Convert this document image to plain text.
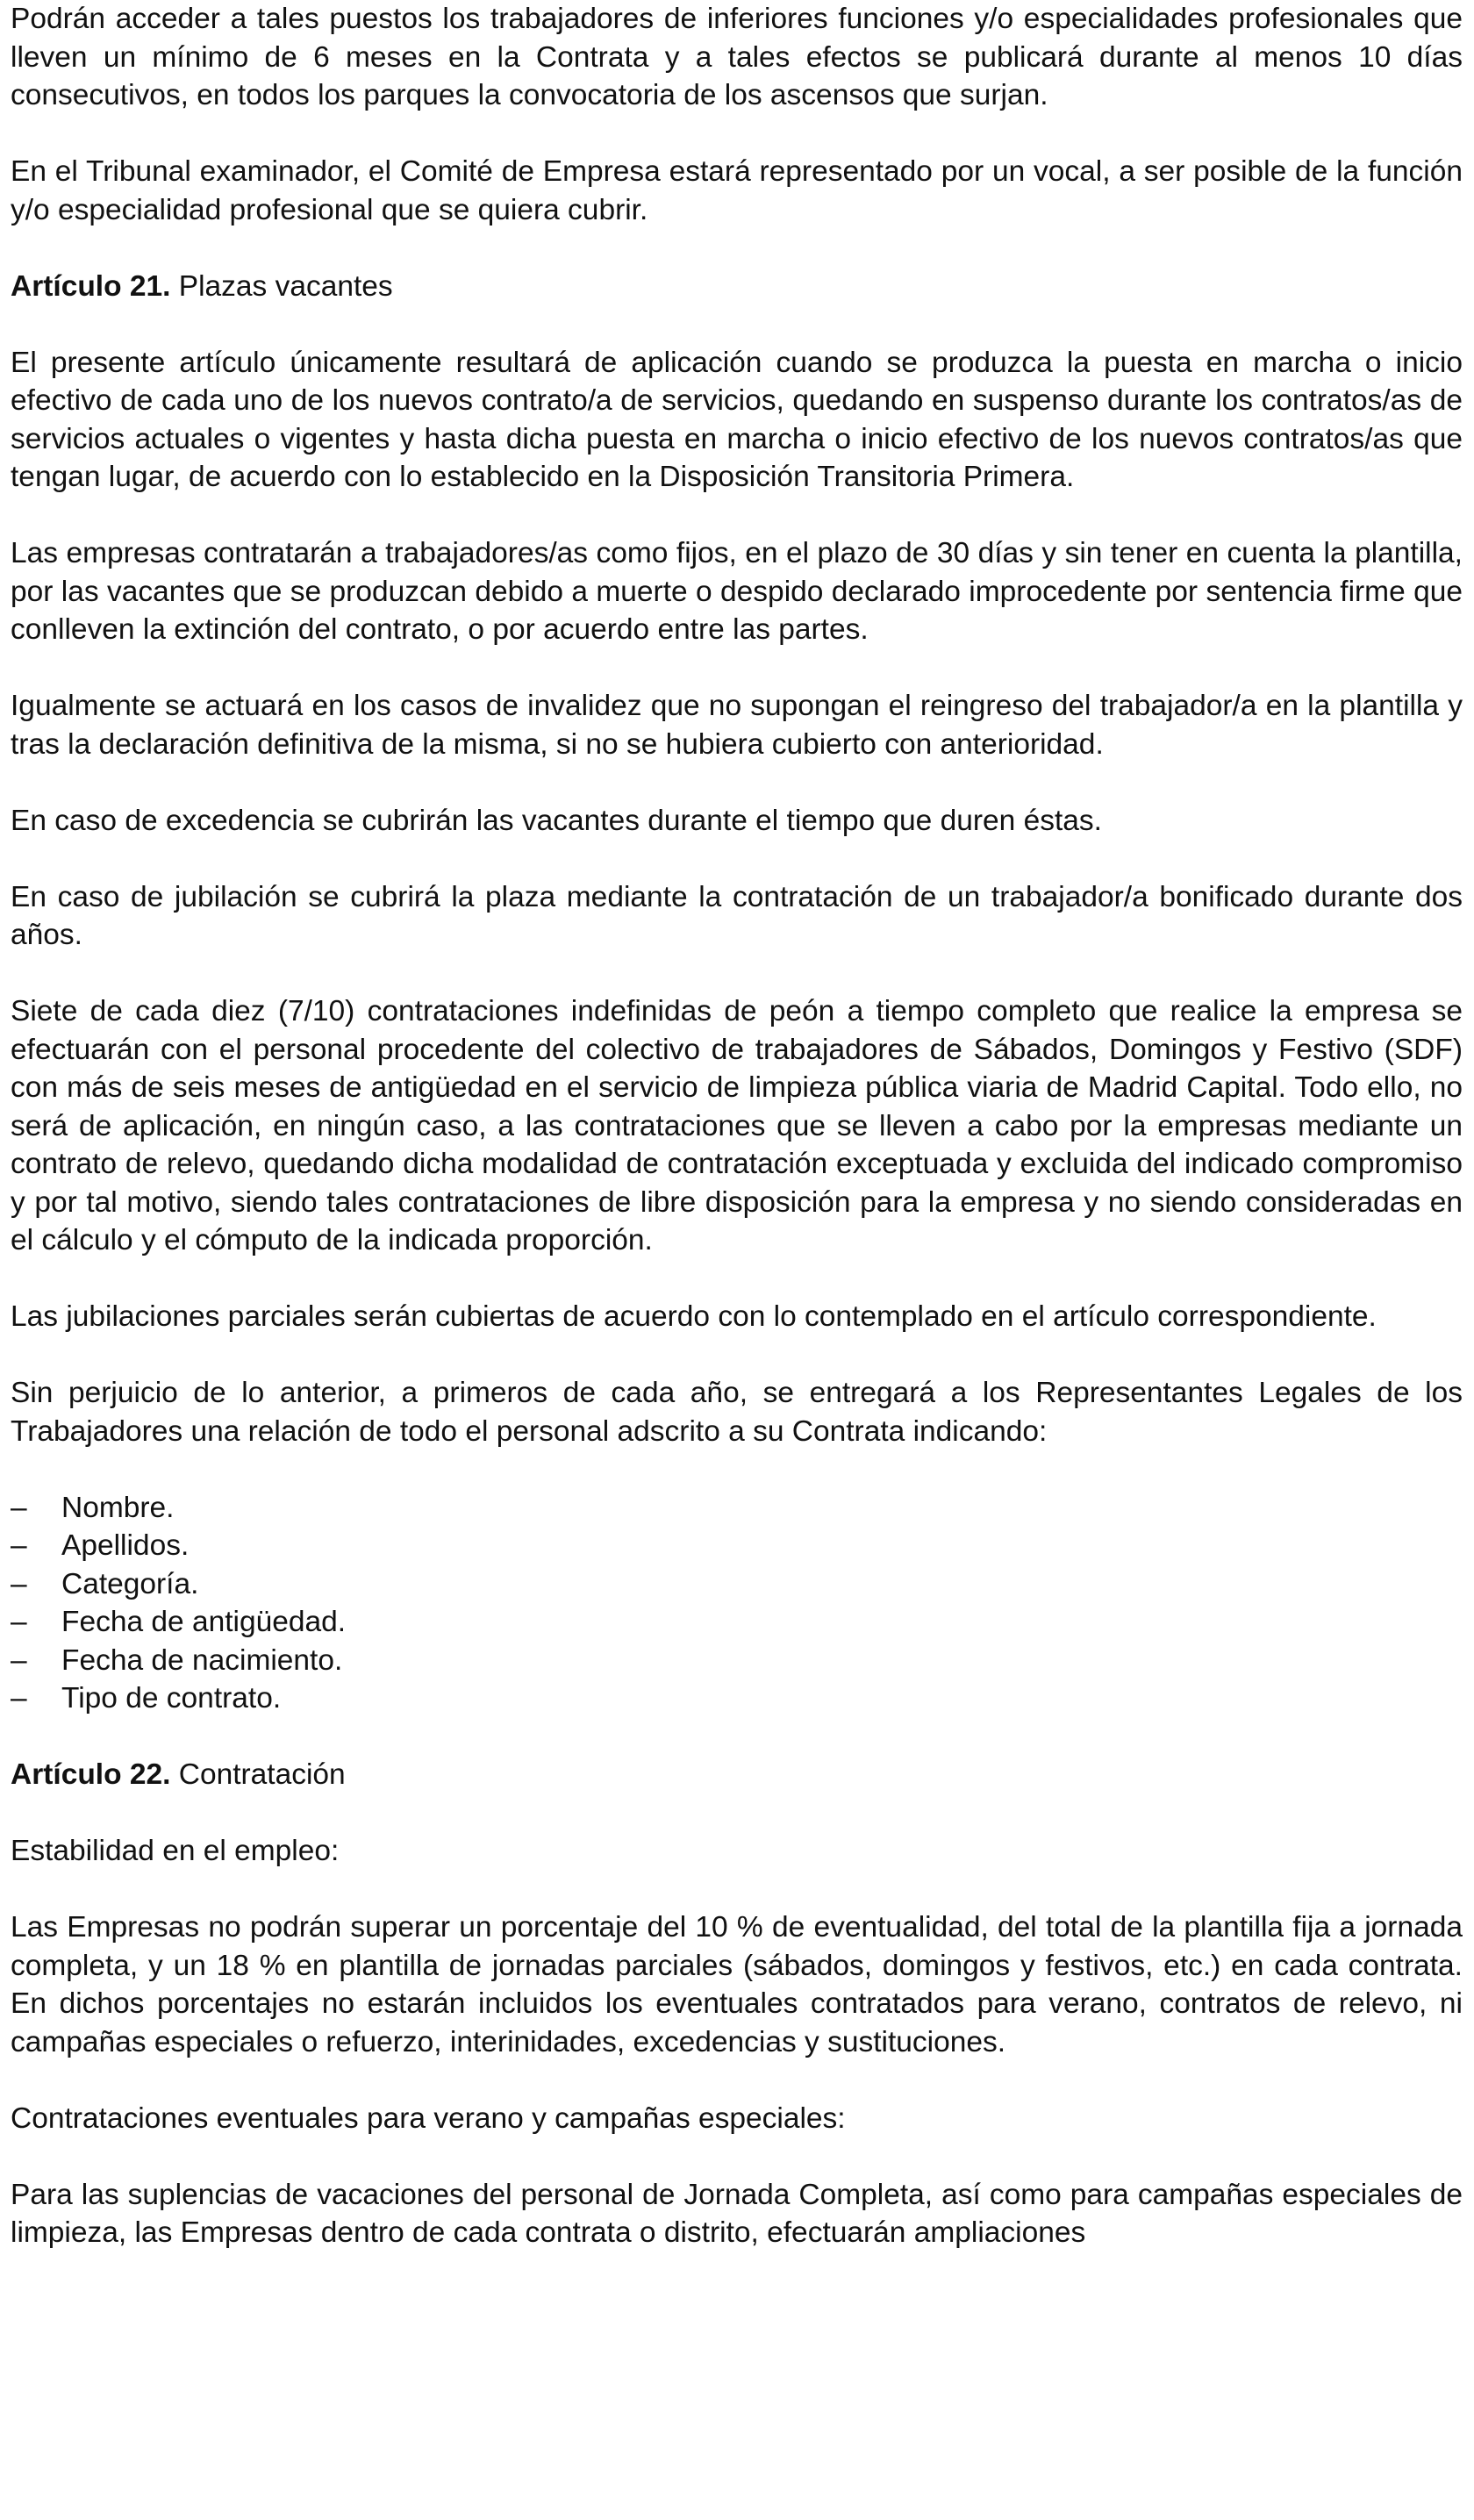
Podrán acceder a tales puestos los trabajadores de inferiores funciones y/o especialidades profesionales que lleven un mínimo de 6 meses en la Contrata y a tales efectos se publicará durante al menos 10 días consecutivos, en todos los parques la convocatoria de los ascensos que surjan.

En el Tribunal examinador, el Comité de Empresa estará representado por un vocal, a ser posible de la función y/o especialidad profesional que se quiera cubrir.

Artículo 21. Plazas vacantes

El presente artículo únicamente resultará de aplicación cuando se produzca la puesta en marcha o inicio efectivo de cada uno de los nuevos contrato/a de servicios, quedando en suspenso durante los contratos/as de servicios actuales o vigentes y hasta dicha puesta en marcha o inicio efectivo de los nuevos contratos/as que tengan lugar, de acuerdo con lo establecido en la Disposición Transitoria Primera.

Las empresas contratarán a trabajadores/as como fijos, en el plazo de 30 días y sin tener en cuenta la plantilla, por las vacantes que se produzcan debido a muerte o despido declarado improcedente por sentencia firme que conlleven la extinción del contrato, o por acuerdo entre las partes.

Igualmente se actuará en los casos de invalidez que no supongan el reingreso del trabajador/a en la plantilla y tras la declaración definitiva de la misma, si no se hubiera cubierto con anterioridad.

En caso de excedencia se cubrirán las vacantes durante el tiempo que duren éstas.

En caso de jubilación se cubrirá la plaza mediante la contratación de un trabajador/a bonificado durante dos años.

Siete de cada diez (7/10) contrataciones indefinidas de peón a tiempo completo que realice la empresa se efectuarán con el personal procedente del colectivo de trabajadores de Sábados, Domingos y Festivo (SDF) con más de seis meses de antigüedad en el servicio de limpieza pública viaria de Madrid Capital. Todo ello, no será de aplicación, en ningún caso, a las contrataciones que se lleven a cabo por la empresas mediante un contrato de relevo, quedando dicha modalidad de contratación exceptuada y excluida del indicado compromiso y por tal motivo, siendo tales contrataciones de libre disposición para la empresa y no siendo consideradas en el cálculo y el cómputo de la indicada proporción.

Las jubilaciones parciales serán cubiertas de acuerdo con lo contemplado en el artículo correspondiente.

Sin perjuicio de lo anterior, a primeros de cada año, se entregará a los Representantes Legales de los Trabajadores una relación de todo el personal adscrito a su Contrata indicando:

– Nombre.
– Apellidos.
– Categoría.
– Fecha de antigüedad.
– Fecha de nacimiento.
– Tipo de contrato.

Artículo 22. Contratación

Estabilidad en el empleo:

Las Empresas no podrán superar un porcentaje del 10 % de eventualidad, del total de la plantilla fija a jornada completa, y un 18 % en plantilla de jornadas parciales (sábados, domingos y festivos, etc.) en cada contrata. En dichos porcentajes no estarán incluidos los eventuales contratados para verano, contratos de relevo, ni campañas especiales o refuerzo, interinidades, excedencias y sustituciones.

Contrataciones eventuales para verano y campañas especiales:

Para las suplencias de vacaciones del personal de Jornada Completa, así como para campañas especiales de limpieza, las Empresas dentro de cada contrata o distrito, efectuarán ampliaciones
